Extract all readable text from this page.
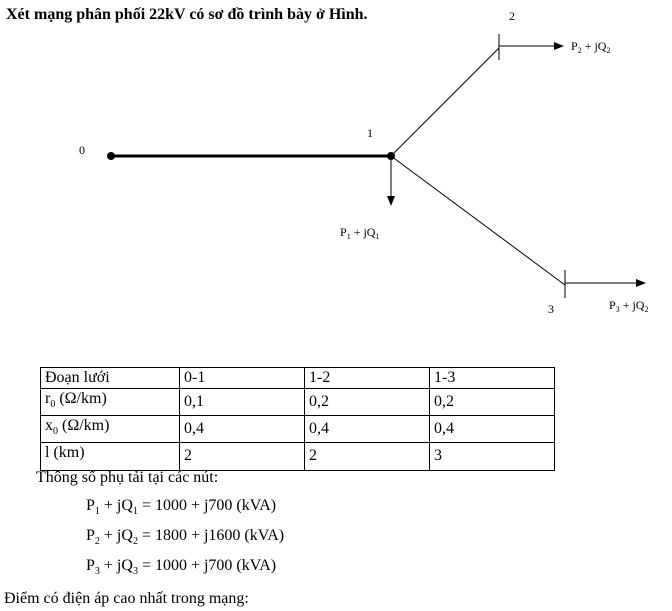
Xét mạng phân phối 22kV có sơ đồ trình bày ở Hình.
0
1
2
3
$P_1 + jQ_1$
$P_2 + jQ_2$
$P_3 + jQ_2$
Đoạn lưới	0-1	1-2	1-3
$r_0$ (Ω/km)	0,1	0,2	0,2
$x_0$ (Ω/km)	0,4	0,4	0,4
l (km)	2	2	3
Thông số phụ tải tại các nút:
$P_1 + jQ_1 = 1000 + j700$ (kVA)
$P_2 + jQ_2 = 1800 + j1600$ (kVA)
$P_3 + jQ_3 = 1000 + j700$ (kVA)
Điểm có điện áp cao nhất trong mạng:
